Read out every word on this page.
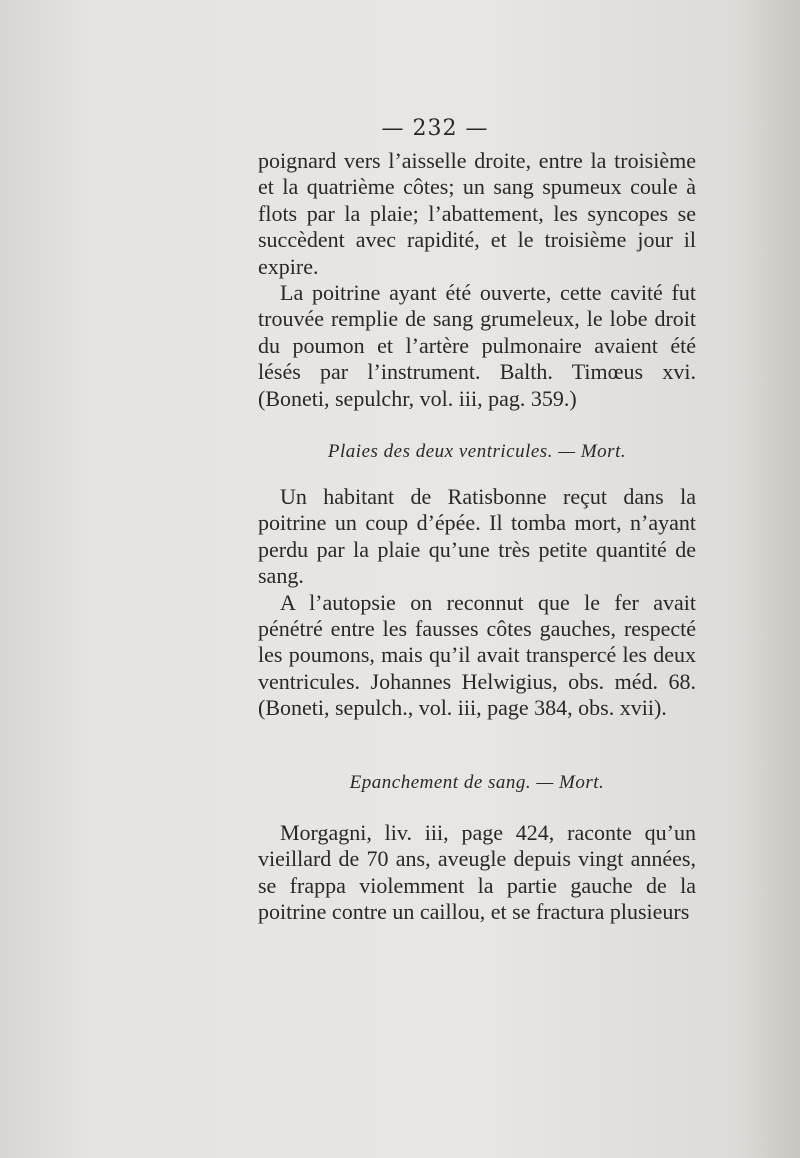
— 232 —

poignard vers l’aisselle droite, entre la troisième et la quatrième côtes; un sang spumeux coule à flots par la plaie; l’abattement, les syncopes se succèdent avec rapidité, et le troisième jour il expire.

La poitrine ayant été ouverte, cette cavité fut trouvée remplie de sang grumeleux, le lobe droit du poumon et l’artère pulmonaire avaient été lésés par l’instrument. Balth. Timœus xvi. (Boneti, sepulchr, vol. iii, pag. 359.)

Plaies des deux ventricules. — Mort.

Un habitant de Ratisbonne reçut dans la poitrine un coup d’épée. Il tomba mort, n’ayant perdu par la plaie qu’une très petite quantité de sang.

A l’autopsie on reconnut que le fer avait pénétré entre les fausses côtes gauches, respecté les poumons, mais qu’il avait transpercé les deux ventricules. Johannes Helwigius, obs. méd. 68. (Boneti, sepulch., vol. iii, page 384, obs. xvii).

Epanchement de sang. — Mort.

Morgagni, liv. iii, page 424, raconte qu’un vieillard de 70 ans, aveugle depuis vingt années, se frappa violemment la partie gauche de la poitrine contre un caillou, et se fractura plusieurs
